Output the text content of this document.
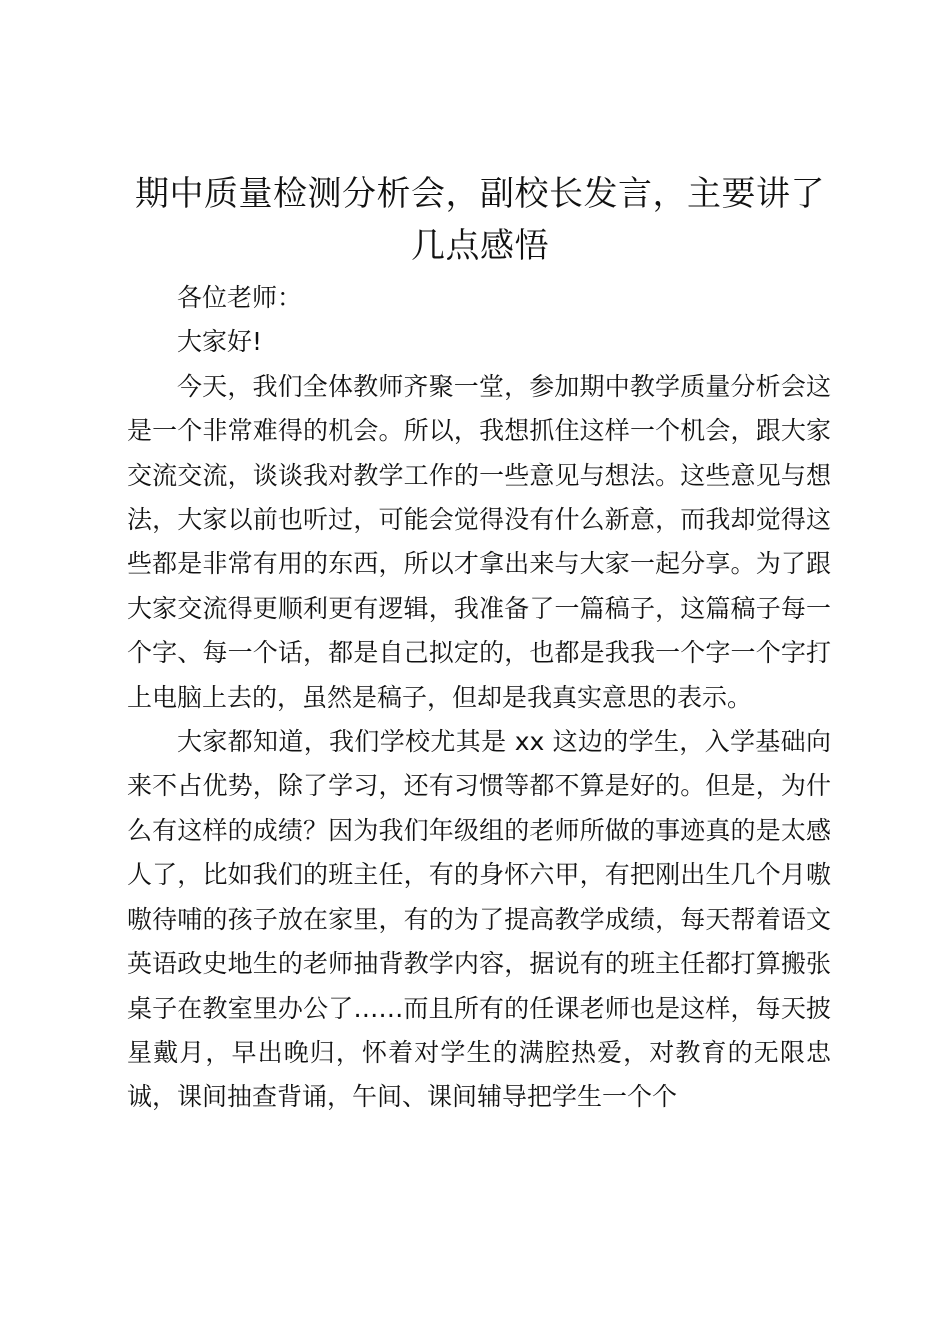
期中质量检测分析会，副校长发言，主要讲了几点感悟

各位老师：

大家好!

今天，我们全体教师齐聚一堂，参加期中教学质量分析会这是一个非常难得的机会。所以，我想抓住这样一个机会，跟大家交流交流，谈谈我对教学工作的一些意见与想法。这些意见与想法，大家以前也听过，可能会觉得没有什么新意，而我却觉得这些都是非常有用的东西，所以才拿出来与大家一起分享。为了跟大家交流得更顺利更有逻辑，我准备了一篇稿子，这篇稿子每一个字、每一个话，都是自己拟定的，也都是我我一个字一个字打上电脑上去的，虽然是稿子，但却是我真实意思的表示。

大家都知道，我们学校尤其是 xx 这边的学生，入学基础向来不占优势，除了学习，还有习惯等都不算是好的。但是，为什么有这样的成绩？因为我们年级组的老师所做的事迹真的是太感人了，比如我们的班主任，有的身怀六甲，有把刚出生几个月嗷嗷待哺的孩子放在家里，有的为了提高教学成绩，每天帮着语文英语政史地生的老师抽背教学内容，据说有的班主任都打算搬张桌子在教室里办公了……而且所有的任课老师也是这样，每天披星戴月，早出晚归，怀着对学生的满腔热爱，对教育的无限忠诚，课间抽查背诵，午间、课间辅导把学生一个个
